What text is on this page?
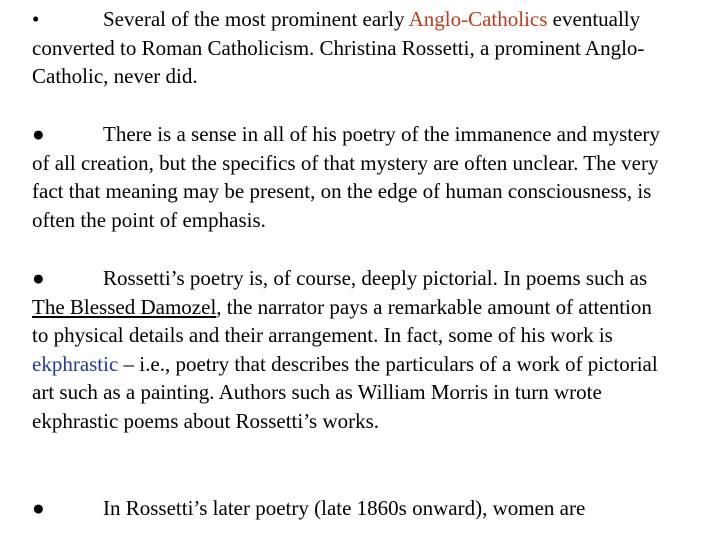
•	Several of the most prominent early Anglo-Catholics eventually converted to Roman Catholicism. Christina Rossetti, a prominent Anglo-Catholic, never did.

●	There is a sense in all of his poetry of the immanence and mystery of all creation, but the specifics of that mystery are often unclear. The very fact that meaning may be present, on the edge of human consciousness, is often the point of emphasis.

●	Rossetti’s poetry is, of course, deeply pictorial. In poems such as The Blessed Damozel, the narrator pays a remarkable amount of attention to physical details and their arrangement. In fact, some of his work is ekphrastic – i.e., poetry that describes the particulars of a work of pictorial art such as a painting. Authors such as William Morris in turn wrote ekphrastic poems about Rossetti’s works.

●	In Rossetti’s later poetry (late 1860s onward), women are
